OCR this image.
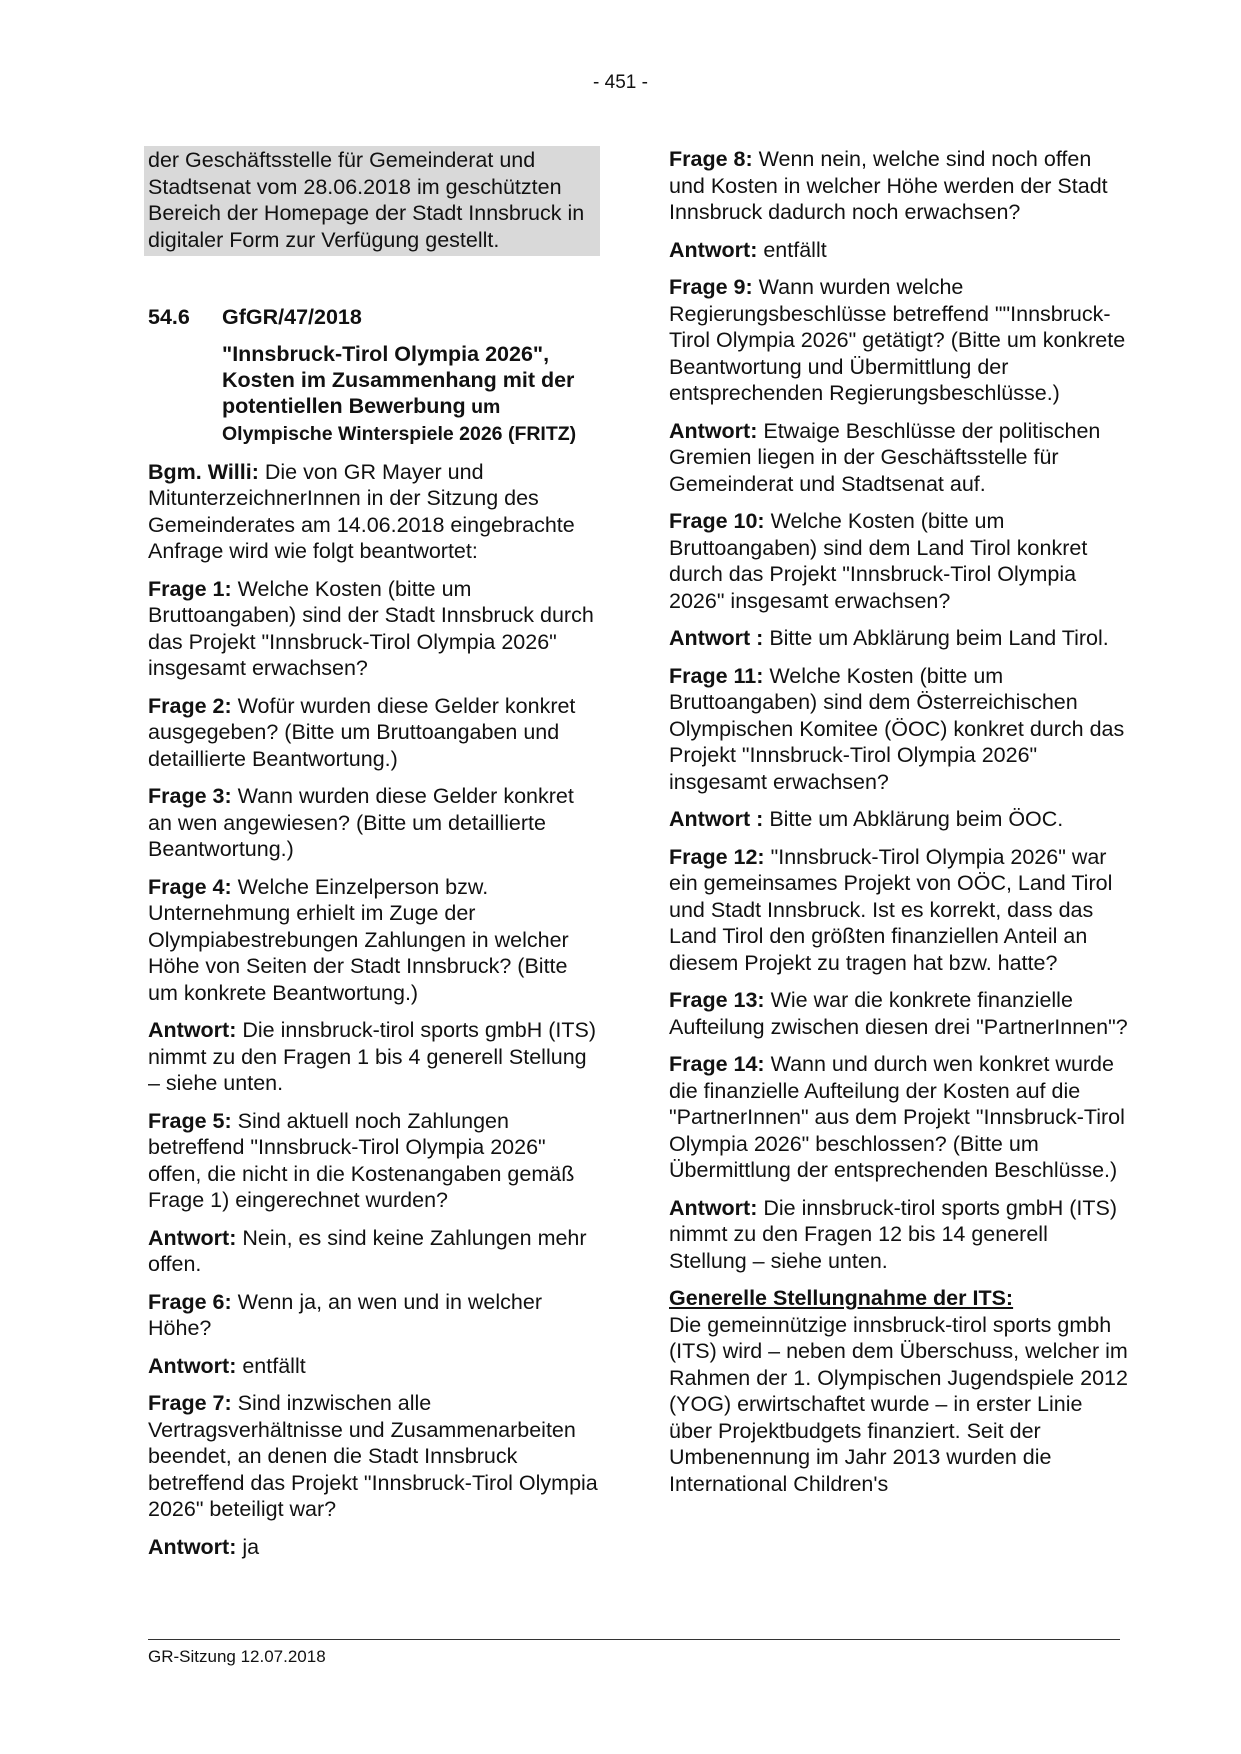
- 451 -
der Geschäftsstelle für Gemeinderat und Stadtsenat vom 28.06.2018 im geschützten Bereich der Homepage der Stadt Innsbruck in digitaler Form zur Verfügung gestellt.
54.6	GfGR/47/2018
"Innsbruck-Tirol Olympia 2026", Kosten im Zusammenhang mit der potentiellen Bewerbung um Olympische Winterspiele 2026 (FRITZ)

Bgm. Willi: Die von GR Mayer und MitunterzeichnerInnen in der Sitzung des Gemeinderates am 14.06.2018 eingebrachte Anfrage wird wie folgt beantwortet:

Frage 1: Welche Kosten (bitte um Bruttoangaben) sind der Stadt Innsbruck durch das Projekt "Innsbruck-Tirol Olympia 2026" insgesamt erwachsen?

Frage 2: Wofür wurden diese Gelder konkret ausgegeben? (Bitte um Bruttoangaben und detaillierte Beantwortung.)

Frage 3: Wann wurden diese Gelder konkret an wen angewiesen? (Bitte um detaillierte Beantwortung.)

Frage 4: Welche Einzelperson bzw. Unternehmung erhielt im Zuge der Olympiabestrebungen Zahlungen in welcher Höhe von Seiten der Stadt Innsbruck? (Bitte um konkrete Beantwortung.)

Antwort: Die innsbruck-tirol sports gmbH (ITS) nimmt zu den Fragen 1 bis 4 generell Stellung – siehe unten.

Frage 5: Sind aktuell noch Zahlungen betreffend "Innsbruck-Tirol Olympia 2026" offen, die nicht in die Kostenangaben gemäß Frage 1) eingerechnet wurden?

Antwort: Nein, es sind keine Zahlungen mehr offen.

Frage 6: Wenn ja, an wen und in welcher Höhe?

Antwort: entfällt

Frage 7: Sind inzwischen alle Vertragsverhältnisse und Zusammenarbeiten beendet, an denen die Stadt Innsbruck betreffend das Projekt "Innsbruck-Tirol Olympia 2026" beteiligt war?

Antwort: ja

Frage 8: Wenn nein, welche sind noch offen und Kosten in welcher Höhe werden der Stadt Innsbruck dadurch noch erwachsen?

Antwort: entfällt

Frage 9: Wann wurden welche Regierungsbeschlüsse betreffend ""Innsbruck-Tirol Olympia 2026" getätigt? (Bitte um konkrete Beantwortung und Übermittlung der entsprechenden Regierungsbeschlüsse.)

Antwort: Etwaige Beschlüsse der politischen Gremien liegen in der Geschäftsstelle für Gemeinderat und Stadtsenat auf.

Frage 10: Welche Kosten (bitte um Bruttoangaben) sind dem Land Tirol konkret durch das Projekt "Innsbruck-Tirol Olympia 2026" insgesamt erwachsen?

Antwort : Bitte um Abklärung beim Land Tirol.

Frage 11: Welche Kosten (bitte um Bruttoangaben) sind dem Österreichischen Olympischen Komitee (ÖOC) konkret durch das Projekt "Innsbruck-Tirol Olympia 2026" insgesamt erwachsen?

Antwort : Bitte um Abklärung beim ÖOC.

Frage 12: "Innsbruck-Tirol Olympia 2026" war ein gemeinsames Projekt von OÖC, Land Tirol und Stadt Innsbruck. Ist es korrekt, dass das Land Tirol den größten finanziellen Anteil an diesem Projekt zu tragen hat bzw. hatte?

Frage 13: Wie war die konkrete finanzielle Aufteilung zwischen diesen drei "PartnerInnen"?

Frage 14: Wann und durch wen konkret wurde die finanzielle Aufteilung der Kosten auf die "PartnerInnen" aus dem Projekt "Innsbruck-Tirol Olympia 2026" beschlossen? (Bitte um Übermittlung der entsprechenden Beschlüsse.)

Antwort: Die innsbruck-tirol sports gmbH (ITS) nimmt zu den Fragen 12 bis 14 generell Stellung – siehe unten.

Generelle Stellungnahme der ITS:
Die gemeinnützige innsbruck-tirol sports gmbh (ITS) wird – neben dem Überschuss, welcher im Rahmen der 1. Olympischen Jugendspiele 2012 (YOG) erwirtschaftet wurde – in erster Linie über Projektbudgets finanziert. Seit der Umbenennung im Jahr 2013 wurden die International Children's
GR-Sitzung 12.07.2018
